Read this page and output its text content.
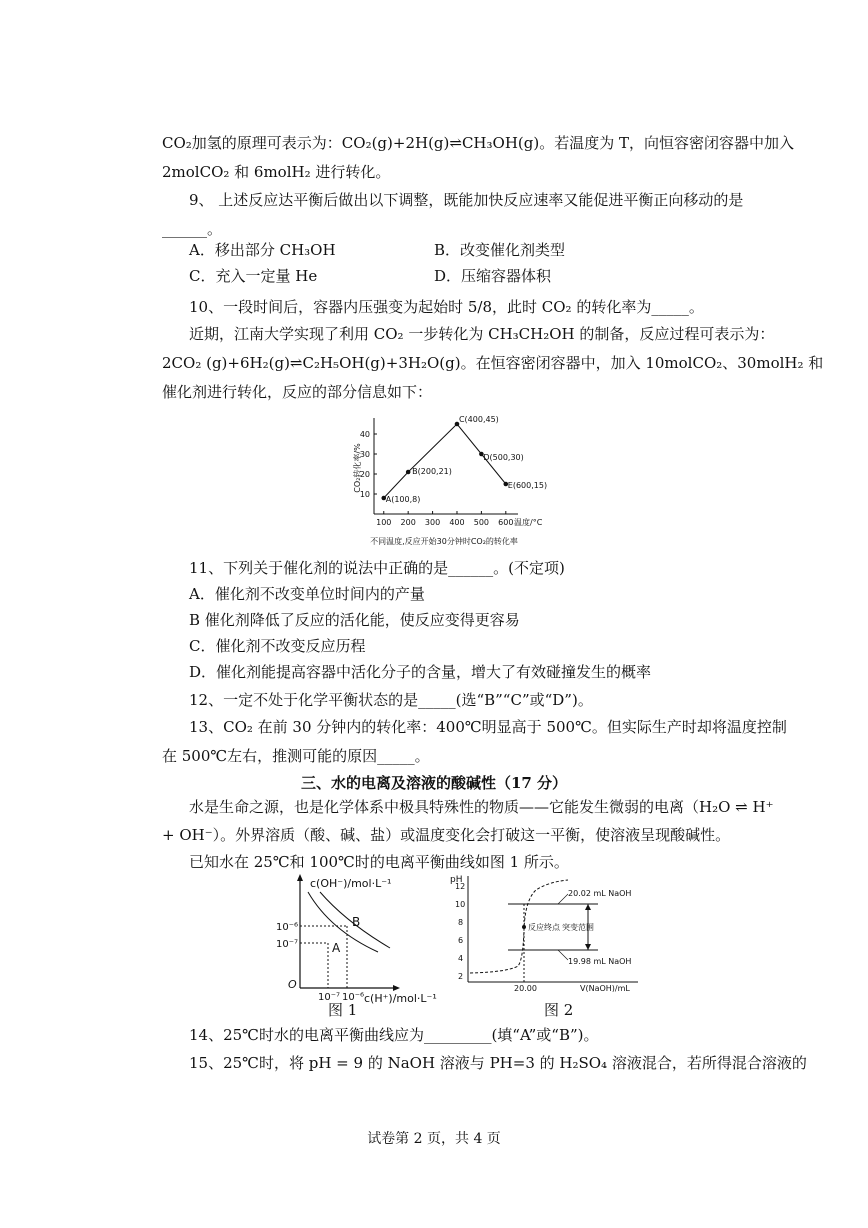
CO₂加氢的原理可表示为：CO₂(g)+2H(g)⇌CH₃OH(g)。若温度为 T，向恒容密闭容器中加入
2molCO₂ 和 6molH₂ 进行转化。
9、 上述反应达平衡后做出以下调整，既能加快反应速率又能促进平衡正向移动的是
______。
A．移出部分 CH₃OH	B．改变催化剂类型
C．充入一定量 He	D．压缩容器体积
10、一段时间后，容器内压强变为起始时 5/8，此时 CO₂ 的转化率为_____。
近期，江南大学实现了利用 CO₂ 一步转化为 CH₃CH₂OH 的制备，反应过程可表示为：
2CO₂ (g)+6H₂(g)⇌C₂H₅OH(g)+3H₂O(g)。在恒容密闭容器中，加入 10molCO₂、30molH₂ 和
催化剂进行转化，反应的部分信息如下：
10
20
30
40
100 200 300 400 500 600 温度/°C
CO₂转化率/%
A(100,8)
B(200,21)
C(400,45)
D(500,30)
E(600,15)
不同温度,反应开始30分钟时CO₂的转化率
11、下列关于催化剂的说法中正确的是______。(不定项)
A．催化剂不改变单位时间内的产量
B 催化剂降低了反应的活化能，使反应变得更容易
C．催化剂不改变反应历程
D．催化剂能提高容器中活化分子的含量，增大了有效碰撞发生的概率
12、一定不处于化学平衡状态的是_____(选“B”“C”或“D”)。
13、CO₂ 在前 30 分钟内的转化率：400℃明显高于 500℃。但实际生产时却将温度控制
在 500℃左右，推测可能的原因_____。
三、水的电离及溶液的酸碱性（17 分）
水是生命之源，也是化学体系中极具特殊性的物质——它能发生微弱的电离（H₂O ⇌ H⁺
+ OH⁻）。外界溶质（酸、碱、盐）或温度变化会打破这一平衡，使溶液呈现酸碱性。
已知水在 25℃和 100℃时的电离平衡曲线如图 1 所示。
c(OH⁻)/mol·L⁻¹
c(H⁺)/mol·L⁻¹
O
10⁻⁶
10⁻⁷
10⁻⁷ 10⁻⁶
A
B
图 1
pH
12
10
8
6
4
2
反应终点 突变范围
20.02 mL NaOH
19.98 mL NaOH
20.00	V(NaOH)/mL
图 2
14、25℃时水的电离平衡曲线应为_________(填“A”或“B”)。
15、25℃时，将 pH = 9 的 NaOH 溶液与 PH=3 的 H₂SO₄ 溶液混合，若所得混合溶液的
试卷第 2 页，共 4 页
